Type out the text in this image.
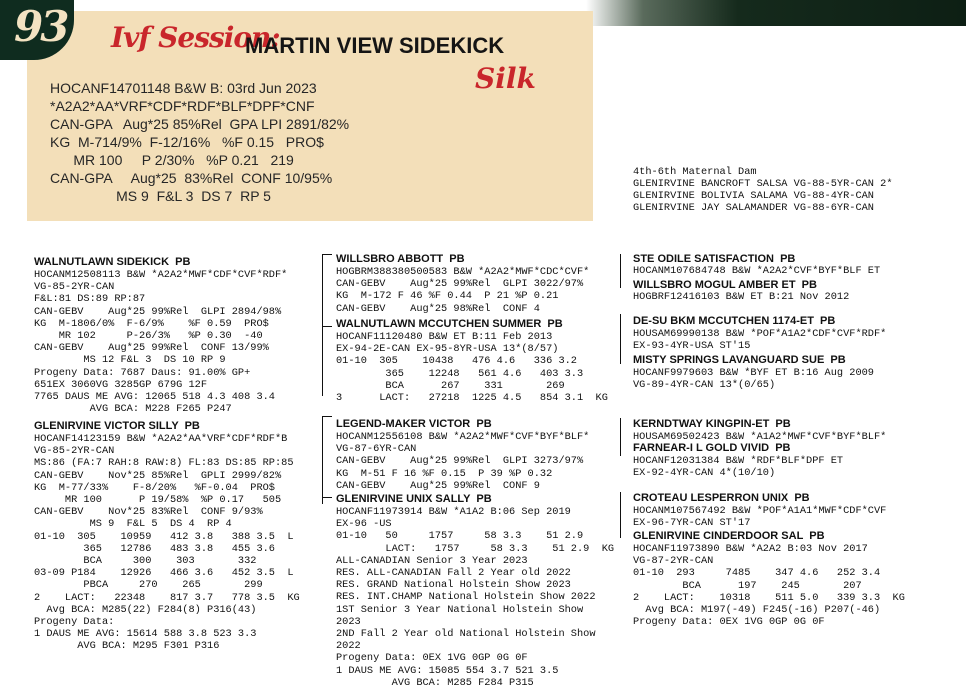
93 Ivf Session:
MARTIN VIEW SIDEKICK
Silk
HOCANF14701148 B&W B: 03rd Jun 2023
*A2A2*AA*VRF*CDF*RDF*BLF*DPF*CNF
CAN-GPA   Aug*25 85%Rel  GPA LPI 2891/82%
KG  M-714/9%  F-12/16%   %F 0.15   PRO$
MR 100     P 2/30%   %P 0.21   219
CAN-GPA     Aug*25  83%Rel  CONF 10/95%
MS 9  F&L 3  DS 7  RP 5
4th-6th Maternal Dam
GLENIRVINE BANCROFT SALSA VG-88-5YR-CAN 2*
GLENIRVINE BOLIVIA SALAMA VG-88-4YR-CAN
GLENIRVINE JAY SALAMANDER VG-88-6YR-CAN
WALNUTLAWN SIDEKICK  PB
HOCANM12508113 B&W *A2A2*MWF*CDF*CVF*RDF*
VG-85-2YR-CAN
F&L:81 DS:89 RP:87
CAN-GEBV    Aug*25 99%Rel  GLPI 2894/98%
KG  M-1806/0%  F-6/9%    %F 0.59  PRO$
MR 102     P-26/3%   %P 0.30  -40
CAN-GEBV    Aug*25 99%Rel  CONF 13/99%
MS 12 F&L 3  DS 10 RP 9
Progeny Data: 7687 Daus: 91.00% GP+
651EX 3060VG 3285GP 679G 12F
7765 DAUS ME AVG: 12065 518 4.3 408 3.4
AVG BCA: M228 F265 P247
GLENIRVINE VICTOR SILLY  PB
HOCANF14123159 B&W *A2A2*AA*VRF*CDF*RDF*B
VG-85-2YR-CAN
MS:86 (FA:7 RAH:8 RAW:8) FL:83 DS:85 RP:85
CAN-GEBV    Nov*25 85%Rel  GPLI 2999/82%
KG  M-77/33%    F-8/20%   %F-0.04  PRO$
MR 100      P 19/58%  %P 0.17   505
CAN-GEBV    Nov*25 83%Rel  CONF 9/93%
MS 9  F&L 5  DS 4  RP 4
01-10  305    10959   412 3.8   388 3.5  L
365   12786   483 3.8   455 3.6
BCA     300    303       332
03-09 P184    12926   466 3.6   452 3.5  L
PBCA     270    265       299
2    LACT:   22348    817 3.7   778 3.5  KG
Avg BCA: M285(22) F284(8) P316(43)
Progeny Data:
1 DAUS ME AVG: 15614 588 3.8 523 3.3
AVG BCA: M295 F301 P316
WILLSBRO ABBOTT  PB
HOGBRM388380500583 B&W *A2A2*MWF*CDC*CVF*
CAN-GEBV    Aug*25 99%Rel  GLPI 3022/97%
KG  M-172 F 46 %F 0.44  P 21 %P 0.21
CAN-GEBV    Aug*25 98%Rel  CONF 4
WALNUTLAWN MCCUTCHEN SUMMER  PB
HOCANF11120480 B&W ET B:11 Feb 2013
EX-94-2E-CAN EX-95-8YR-USA 13*(8/57)
01-10  305    10438   476 4.6   336 3.2
365    12248   561 4.6   403 3.3
BCA      267    331       269
3      LACT:   27218  1225 4.5   854 3.1  KG
LEGEND-MAKER VICTOR  PB
HOCANM12556108 B&W *A2A2*MWF*CVF*BYF*BLF*
VG-87-6YR-CAN
CAN-GEBV    Aug*25 99%Rel  GLPI 3273/97%
KG  M-51 F 16 %F 0.15  P 39 %P 0.32
CAN-GEBV    Aug*25 99%Rel  CONF 9
GLENIRVINE UNIX SALLY  PB
HOCANF11973914 B&W *A1A2 B:06 Sep 2019
EX-96 -US
01-10   50     1757     58 3.3    51 2.9
LACT:   1757     58 3.3    51 2.9  KG
ALL-CANADIAN Senior 3 Year 2023
RES. ALL-CANADIAN Fall 2 Year old 2022
RES. GRAND National Holstein Show 2023
RES. INT.CHAMP National Holstein Show 2022
1ST Senior 3 Year National Holstein Show
2023
2ND Fall 2 Year old National Holstein Show
2022
Progeny Data: 0EX 1VG 0GP 0G 0F
1 DAUS ME AVG: 15085 554 3.7 521 3.5
AVG BCA: M285 F284 P315
STE ODILE SATISFACTION  PB
HOCANM107684748 B&W *A2A2*CVF*BYF*BLF ET
WILLSBRO MOGUL AMBER ET  PB
HOGBRF12416103 B&W ET B:21 Nov 2012
DE-SU BKM MCCUTCHEN 1174-ET  PB
HOUSAM69990138 B&W *POF*A1A2*CDF*CVF*RDF*
EX-93-4YR-USA ST'15
MISTY SPRINGS LAVANGUARD SUE  PB
HOCANF9979603 B&W *BYF ET B:16 Aug 2009
VG-89-4YR-CAN 13*(0/65)
KERNDTWAY KINGPIN-ET  PB
HOUSAM69502423 B&W *A1A2*MWF*CVF*BYF*BLF*
FARNEAR-I L GOLD VIVID  PB
HOCANF12031384 B&W *RDF*BLF*DPF ET
EX-92-4YR-CAN 4*(10/10)
CROTEAU LESPERRON UNIX  PB
HOCANM107567492 B&W *POF*A1A1*MWF*CDF*CVF
EX-96-7YR-CAN ST'17
GLENIRVINE CINDERDOOR SAL  PB
HOCANF11973890 B&W *A2A2 B:03 Nov 2017
VG-87-2YR-CAN
01-10  293     7485    347 4.6   252 3.4
BCA      197    245       207
2    LACT:    10318    511 5.0   339 3.3  KG
Avg BCA: M197(-49) F245(-16) P207(-46)
Progeny Data: 0EX 1VG 0GP 0G 0F
